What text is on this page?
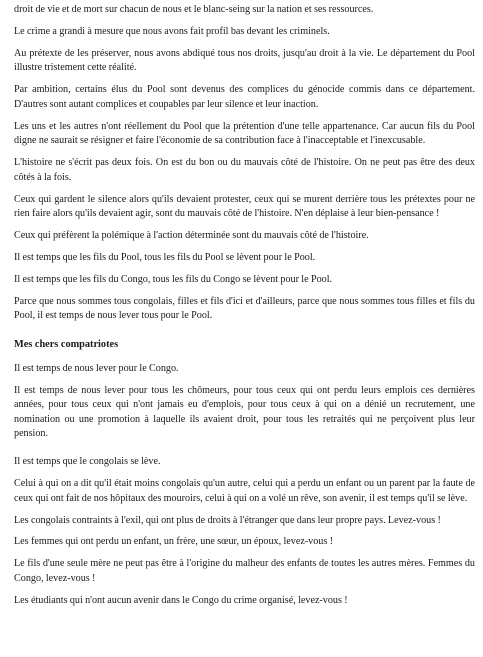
droit de vie et de mort sur chacun de nous et le blanc-seing sur la nation et ses ressources.

Le crime a grandi à mesure que nous avons fait profil bas devant les criminels.

Au prétexte de les préserver, nous avons abdiqué tous nos droits, jusqu'au droit à la vie. Le département du Pool illustre tristement cette réalité.

Par ambition, certains élus du Pool sont devenus des complices du génocide commis dans ce département. D'autres sont autant complices et coupables par leur silence et leur inaction.

Les uns et les autres n'ont réellement du Pool que la prétention d'une telle appartenance. Car aucun fils du Pool digne ne saurait se résigner et faire l'économie de sa contribution face à l'inacceptable et l'inexcusable.

L'histoire ne s'écrit pas deux fois. On est du bon ou du mauvais côté de l'histoire. On ne peut pas être des deux côtés à la fois.

Ceux qui gardent le silence alors qu'ils devaient protester, ceux qui se murent derrière tous les prétextes pour ne rien faire alors qu'ils devaient agir, sont du mauvais côté de l'histoire. N'en déplaise à leur bien-pensance !

Ceux qui préfèrent la polémique à l'action déterminée sont du mauvais côté de l'histoire.

Il est temps que les fils du Pool, tous les fils du Pool se lèvent pour le Pool.

Il est temps que les fils du Congo, tous les fils du Congo se lèvent pour le Pool.

Parce que nous sommes tous congolais, filles et fils d'ici et d'ailleurs, parce que nous sommes tous filles et fils du Pool, il est temps de nous lever tous pour le Pool.

Mes chers compatriotes

Il est temps de nous lever pour le Congo.

Il est temps de nous lever pour tous les chômeurs, pour tous ceux qui ont perdu leurs emplois ces dernières années, pour tous ceux qui n'ont jamais eu d'emplois, pour tous ceux à qui on a dénié un recrutement, une nomination ou une promotion à laquelle ils avaient droit, pour tous les retraités qui ne perçoivent plus leur pension.

Il est temps que le congolais se lève.

Celui à qui on a dit qu'il était moins congolais qu'un autre, celui qui a perdu un enfant ou un parent par la faute de ceux qui ont fait de nos hôpitaux des mouroirs, celui à qui on a volé un rêve, son avenir, il est temps qu'il se lève.

Les congolais contraints à l'exil, qui ont plus de droits à l'étranger que dans leur propre pays. Levez-vous !

Les femmes qui ont perdu un enfant, un frère, une sœur, un époux, levez-vous !

Le fils d'une seule mère ne peut pas être à l'origine du malheur des enfants de toutes les autres mères. Femmes du Congo, levez-vous !

Les étudiants qui n'ont aucun avenir dans le Congo du crime organisé, levez-vous !
